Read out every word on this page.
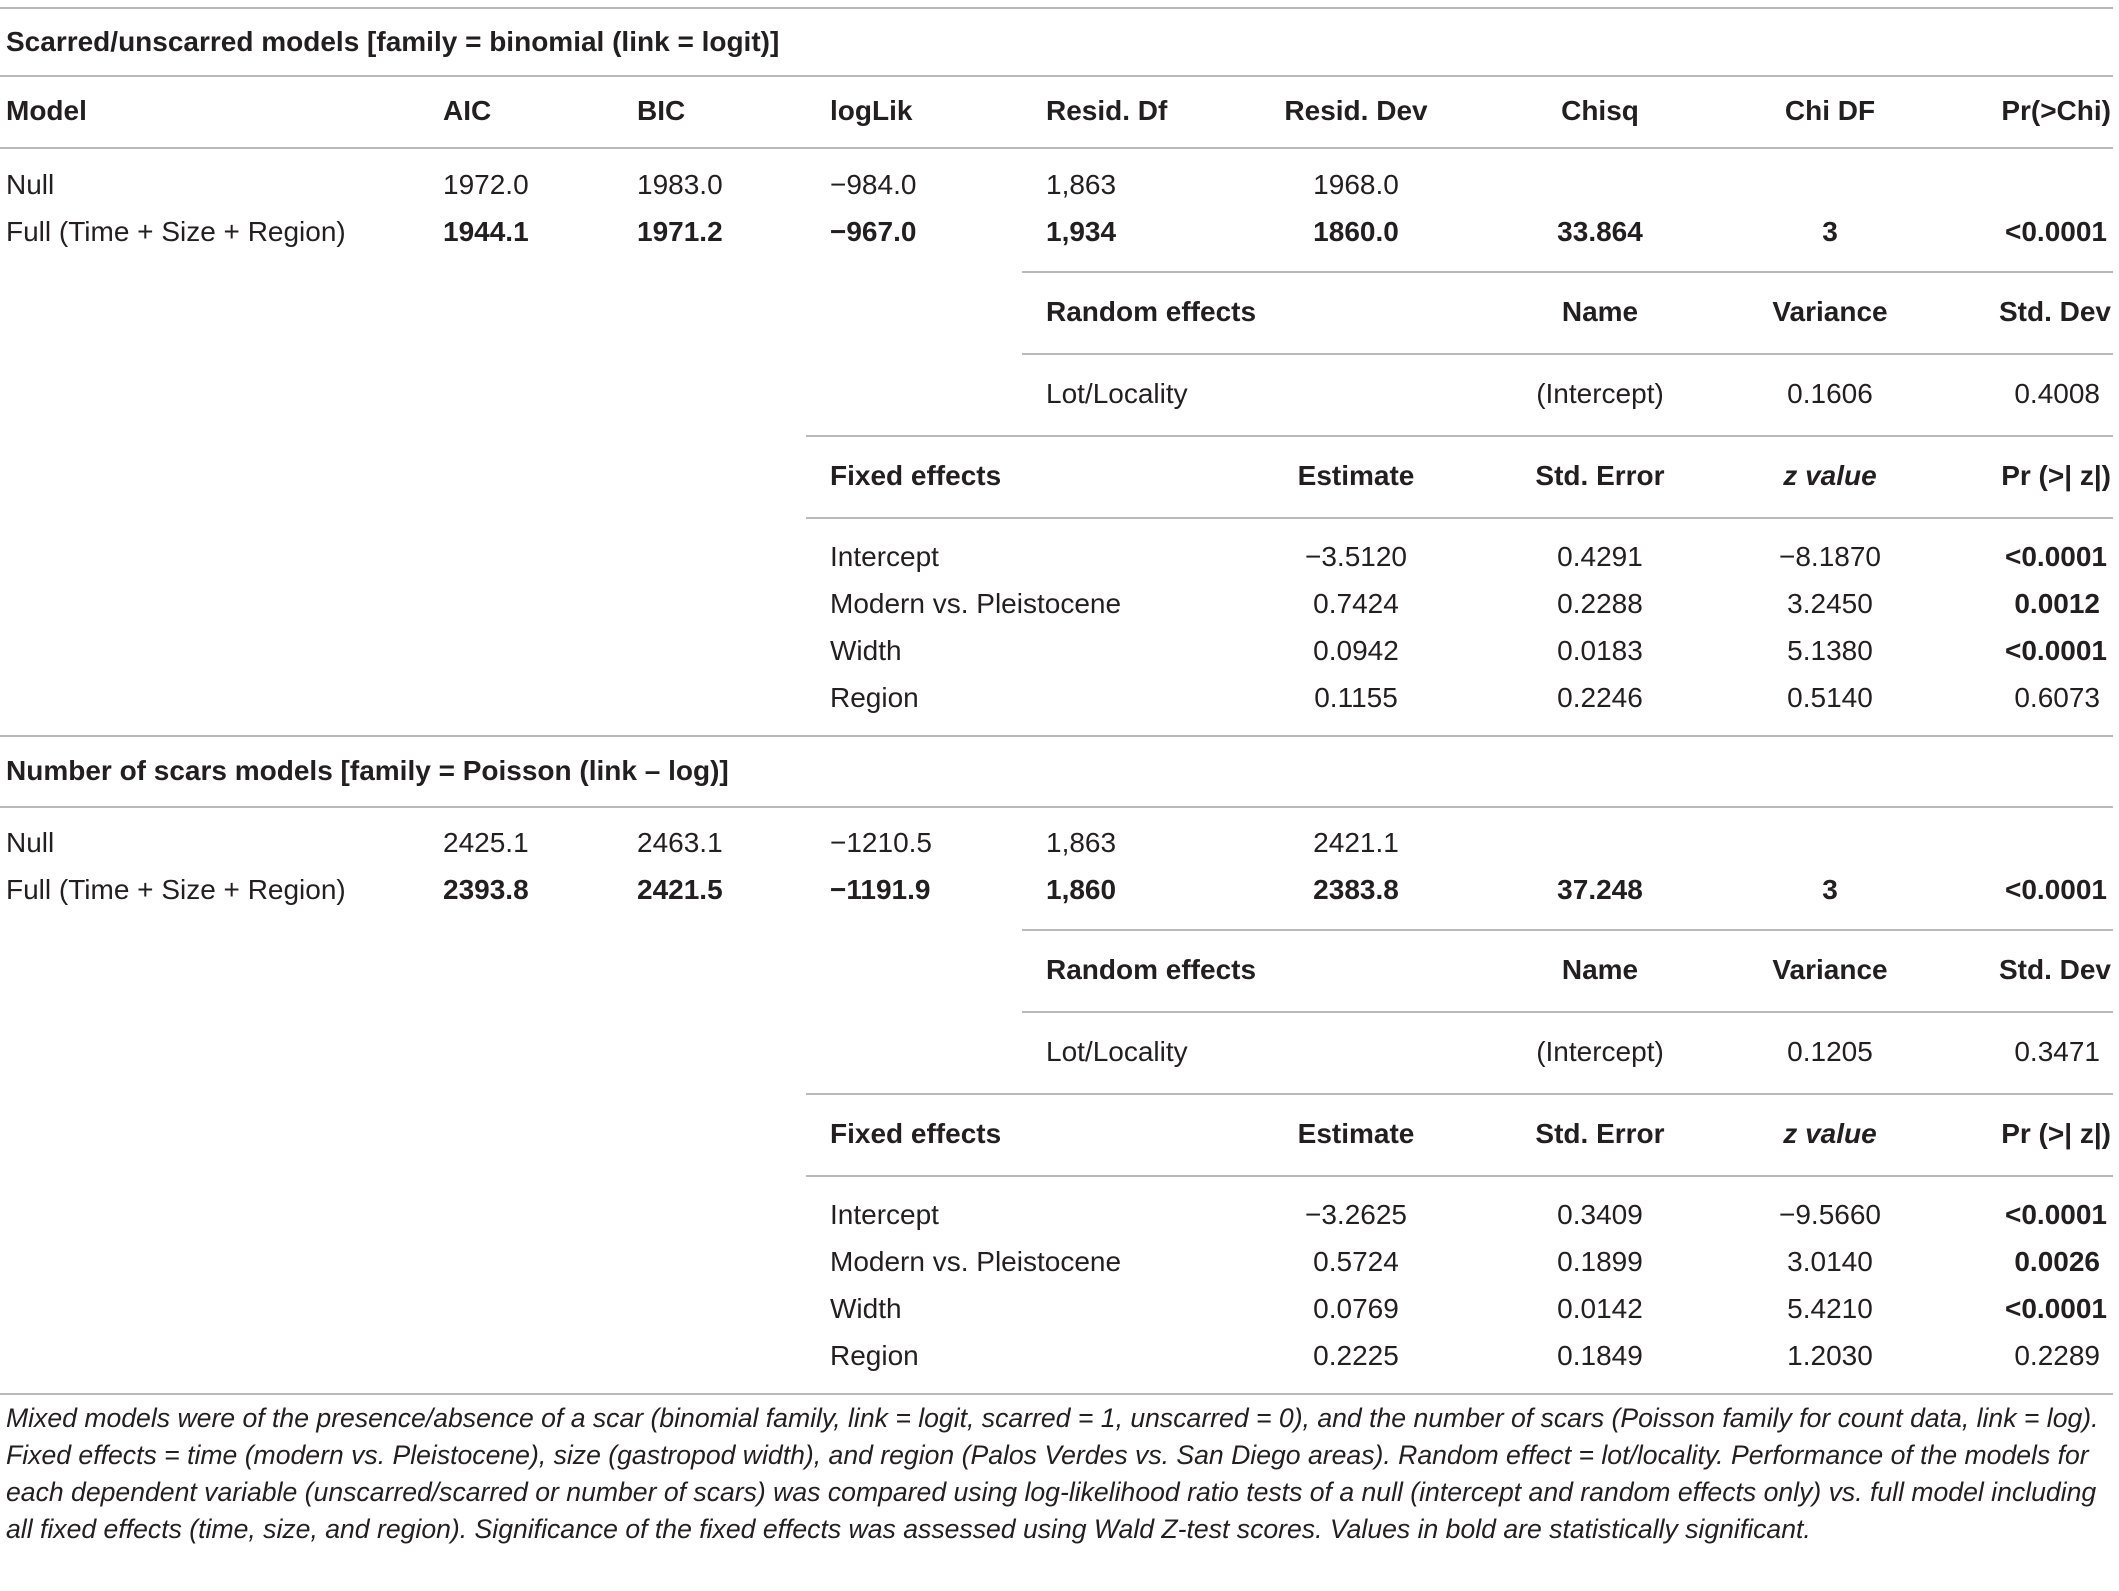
Scarred/unscarred models [family = binomial (link = logit)]
Model	AIC	BIC	logLik	Resid. Df	Resid. Dev	Chisq	Chi DF	Pr(>Chi)
Null	1972.0	1983.0	−984.0	1,863	1968.0
Full (Time + Size + Region)	1944.1	1971.2	−967.0	1,934	1860.0	33.864	3	<0.0001
Random effects	Name	Variance	Std. Dev
Lot/Locality	(Intercept)	0.1606	0.4008
Fixed effects	Estimate	Std. Error	z value	Pr (>| z|)
Intercept	−3.5120	0.4291	−8.1870	<0.0001
Modern vs. Pleistocene	0.7424	0.2288	3.2450	0.0012
Width	0.0942	0.0183	5.1380	<0.0001
Region	0.1155	0.2246	0.5140	0.6073
Number of scars models [family = Poisson (link – log)]
Null	2425.1	2463.1	−1210.5	1,863	2421.1
Full (Time + Size + Region)	2393.8	2421.5	−1191.9	1,860	2383.8	37.248	3	<0.0001
Random effects	Name	Variance	Std. Dev
Lot/Locality	(Intercept)	0.1205	0.3471
Fixed effects	Estimate	Std. Error	z value	Pr (>| z|)
Intercept	−3.2625	0.3409	−9.5660	<0.0001
Modern vs. Pleistocene	0.5724	0.1899	3.0140	0.0026
Width	0.0769	0.0142	5.4210	<0.0001
Region	0.2225	0.1849	1.2030	0.2289
Mixed models were of the presence/absence of a scar (binomial family, link = logit, scarred = 1, unscarred = 0), and the number of scars (Poisson family for count data, link = log). Fixed effects = time (modern vs. Pleistocene), size (gastropod width), and region (Palos Verdes vs. San Diego areas). Random effect = lot/locality. Performance of the models for each dependent variable (unscarred/scarred or number of scars) was compared using log-likelihood ratio tests of a null (intercept and random effects only) vs. full model including all fixed effects (time, size, and region). Significance of the fixed effects was assessed using Wald Z-test scores. Values in bold are statistically significant.
